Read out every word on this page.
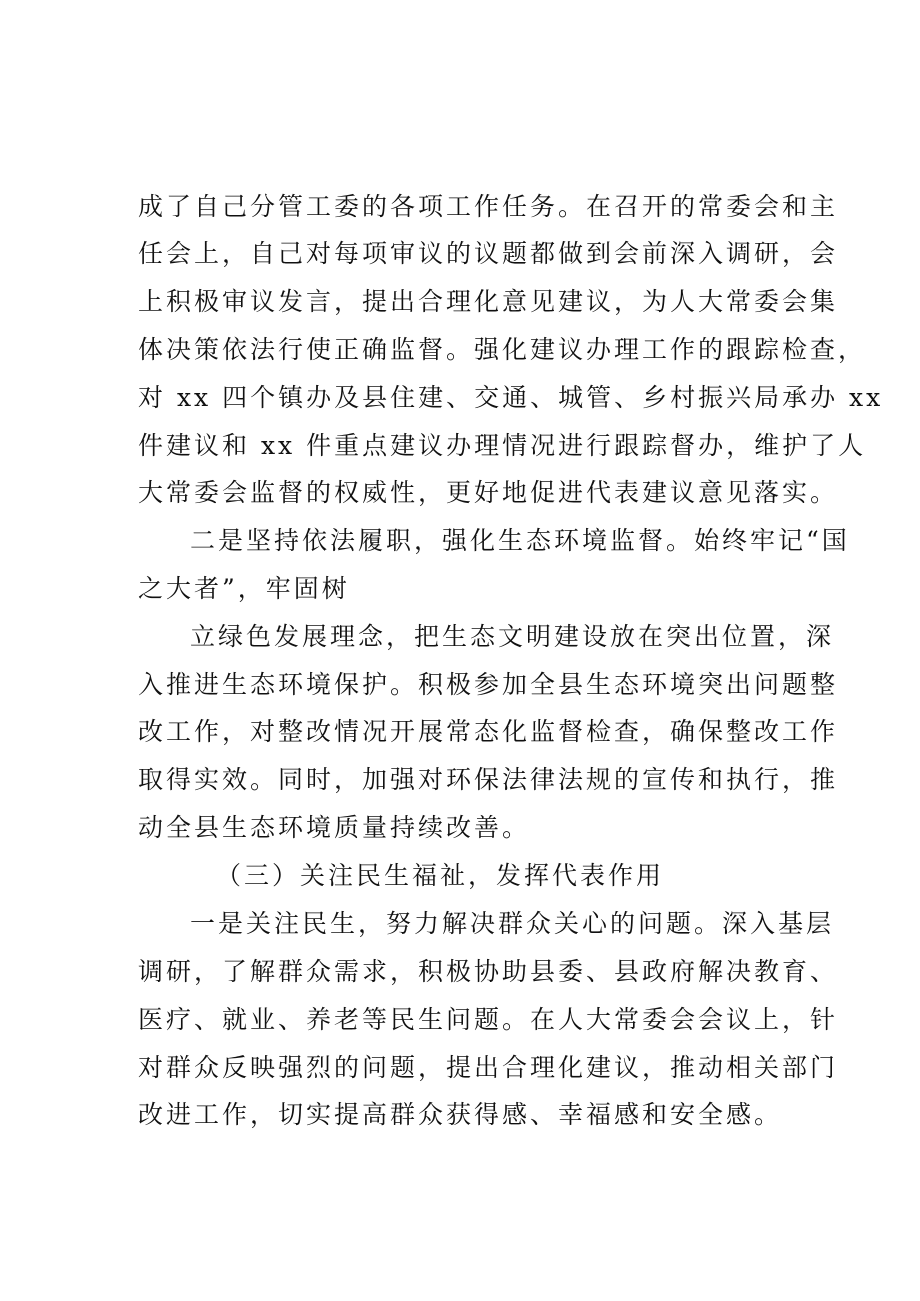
成了自己分管工委的各项工作任务。在召开的常委会和主
任会上，自己对每项审议的议题都做到会前深入调研，会
上积极审议发言，提出合理化意见建议，为人大常委会集
体决策依法行使正确监督。强化建议办理工作的跟踪检查，
对 xx 四个镇办及县住建、交通、城管、乡村振兴局承办 xx
件建议和 xx 件重点建议办理情况进行跟踪督办，维护了人
大常委会监督的权威性，更好地促进代表建议意见落实。
二是坚持依法履职，强化生态环境监督。始终牢记“国
之大者”，牢固树
立绿色发展理念，把生态文明建设放在突出位置，深
入推进生态环境保护。积极参加全县生态环境突出问题整
改工作，对整改情况开展常态化监督检查，确保整改工作
取得实效。同时，加强对环保法律法规的宣传和执行，推
动全县生态环境质量持续改善。
（三）关注民生福祉，发挥代表作用
一是关注民生，努力解决群众关心的问题。深入基层
调研，了解群众需求，积极协助县委、县政府解决教育、
医疗、就业、养老等民生问题。在人大常委会会议上，针
对群众反映强烈的问题，提出合理化建议，推动相关部门
改进工作，切实提高群众获得感、幸福感和安全感。
